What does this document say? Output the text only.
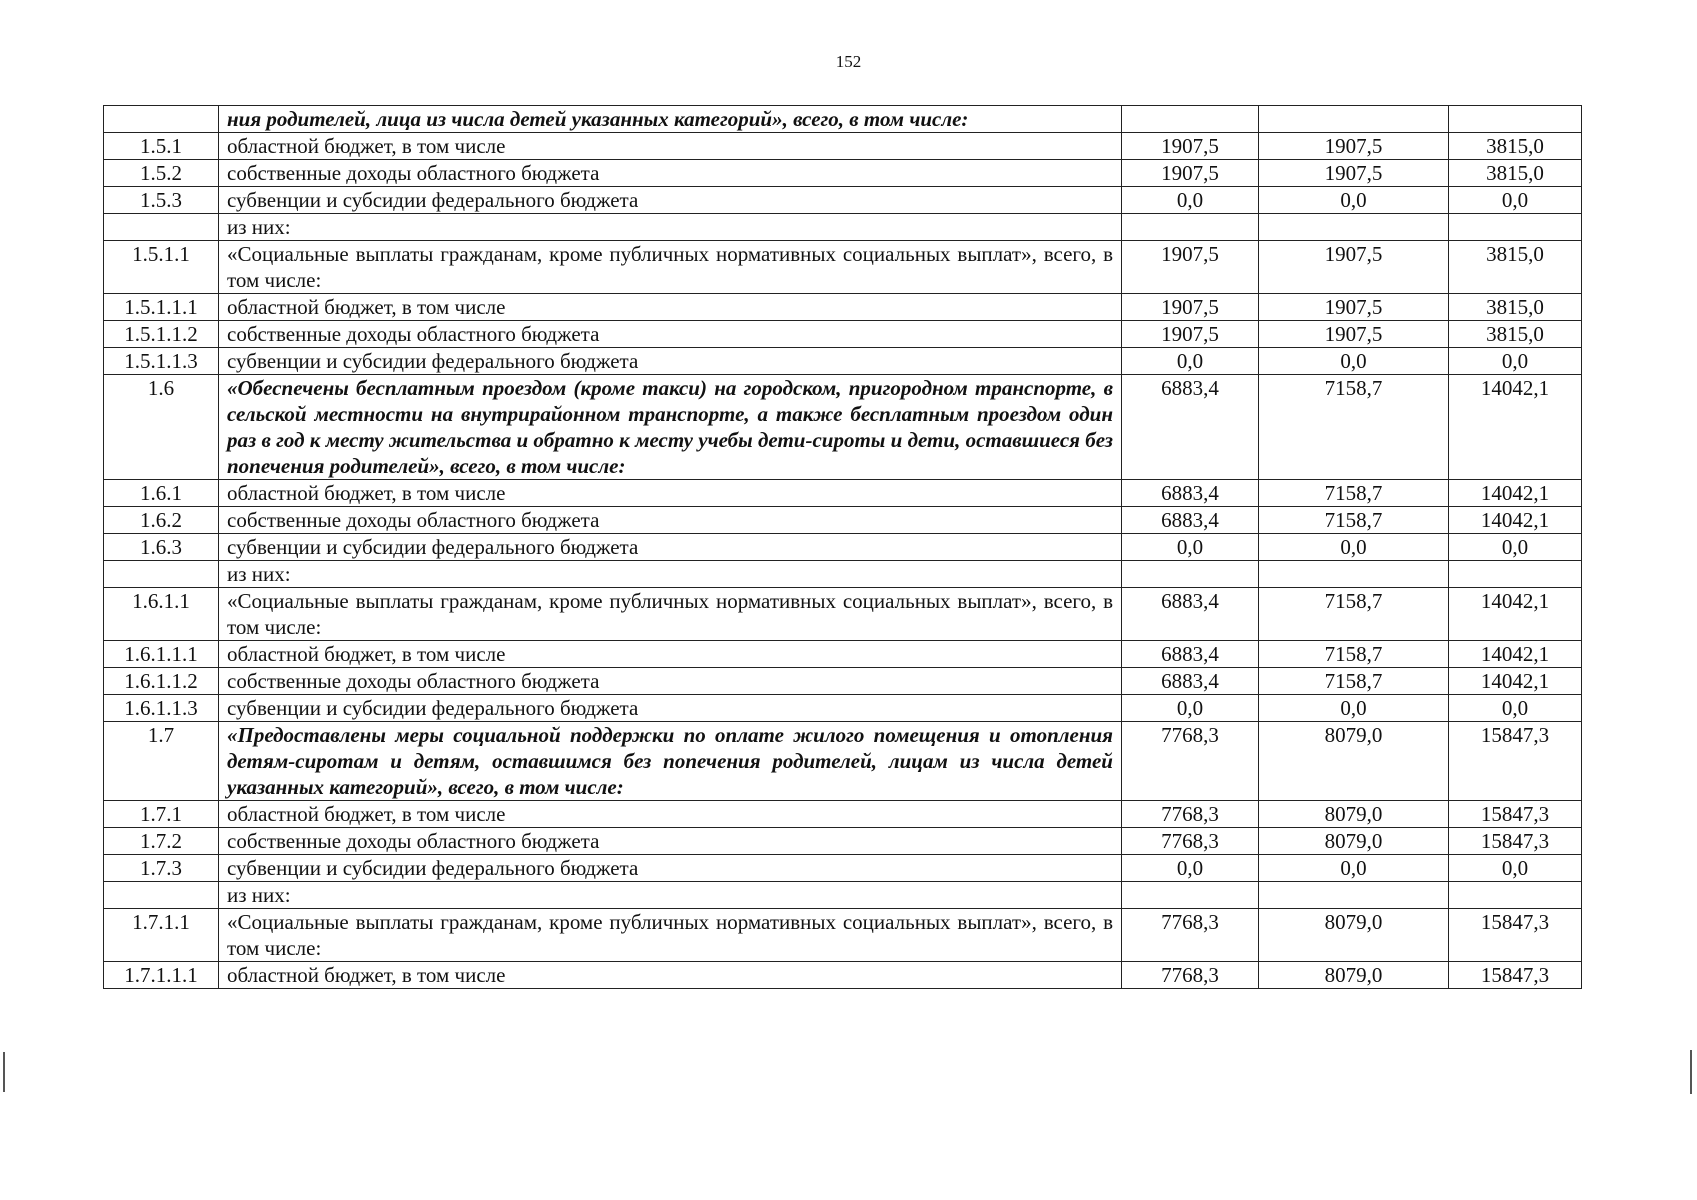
152
	ния родителей, лица из числа детей указанных категорий», всего, в том числе:			
1.5.1	областной бюджет, в том числе	1907,5	1907,5	3815,0
1.5.2	собственные доходы областного бюджета	1907,5	1907,5	3815,0
1.5.3	субвенции и субсидии федерального бюджета	0,0	0,0	0,0
	из них:			
1.5.1.1	«Социальные выплаты гражданам, кроме публичных нормативных социальных выплат», всего, в том числе:	1907,5	1907,5	3815,0
1.5.1.1.1	областной бюджет, в том числе	1907,5	1907,5	3815,0
1.5.1.1.2	собственные доходы областного бюджета	1907,5	1907,5	3815,0
1.5.1.1.3	субвенции и субсидии федерального бюджета	0,0	0,0	0,0
1.6	«Обеспечены бесплатным проездом (кроме такси) на городском, пригородном транспорте, в сельской местности на внутрирайонном транспорте, а также бесплатным проездом один раз в год к месту жительства и обратно к месту учебы дети-сироты и дети, оставшиеся без попечения родителей», всего, в том числе:	6883,4	7158,7	14042,1
1.6.1	областной бюджет, в том числе	6883,4	7158,7	14042,1
1.6.2	собственные доходы областного бюджета	6883,4	7158,7	14042,1
1.6.3	субвенции и субсидии федерального бюджета	0,0	0,0	0,0
	из них:			
1.6.1.1	«Социальные выплаты гражданам, кроме публичных нормативных социальных выплат», всего, в том числе:	6883,4	7158,7	14042,1
1.6.1.1.1	областной бюджет, в том числе	6883,4	7158,7	14042,1
1.6.1.1.2	собственные доходы областного бюджета	6883,4	7158,7	14042,1
1.6.1.1.3	субвенции и субсидии федерального бюджета	0,0	0,0	0,0
1.7	«Предоставлены меры социальной поддержки по оплате жилого помещения и отопления детям-сиротам и детям, оставшимся без попечения родителей, лицам из числа детей указанных категорий», всего, в том числе:	7768,3	8079,0	15847,3
1.7.1	областной бюджет, в том числе	7768,3	8079,0	15847,3
1.7.2	собственные доходы областного бюджета	7768,3	8079,0	15847,3
1.7.3	субвенции и субсидии федерального бюджета	0,0	0,0	0,0
	из них:			
1.7.1.1	«Социальные выплаты гражданам, кроме публичных нормативных социальных выплат», всего, в том числе:	7768,3	8079,0	15847,3
1.7.1.1.1	областной бюджет, в том числе	7768,3	8079,0	15847,3
